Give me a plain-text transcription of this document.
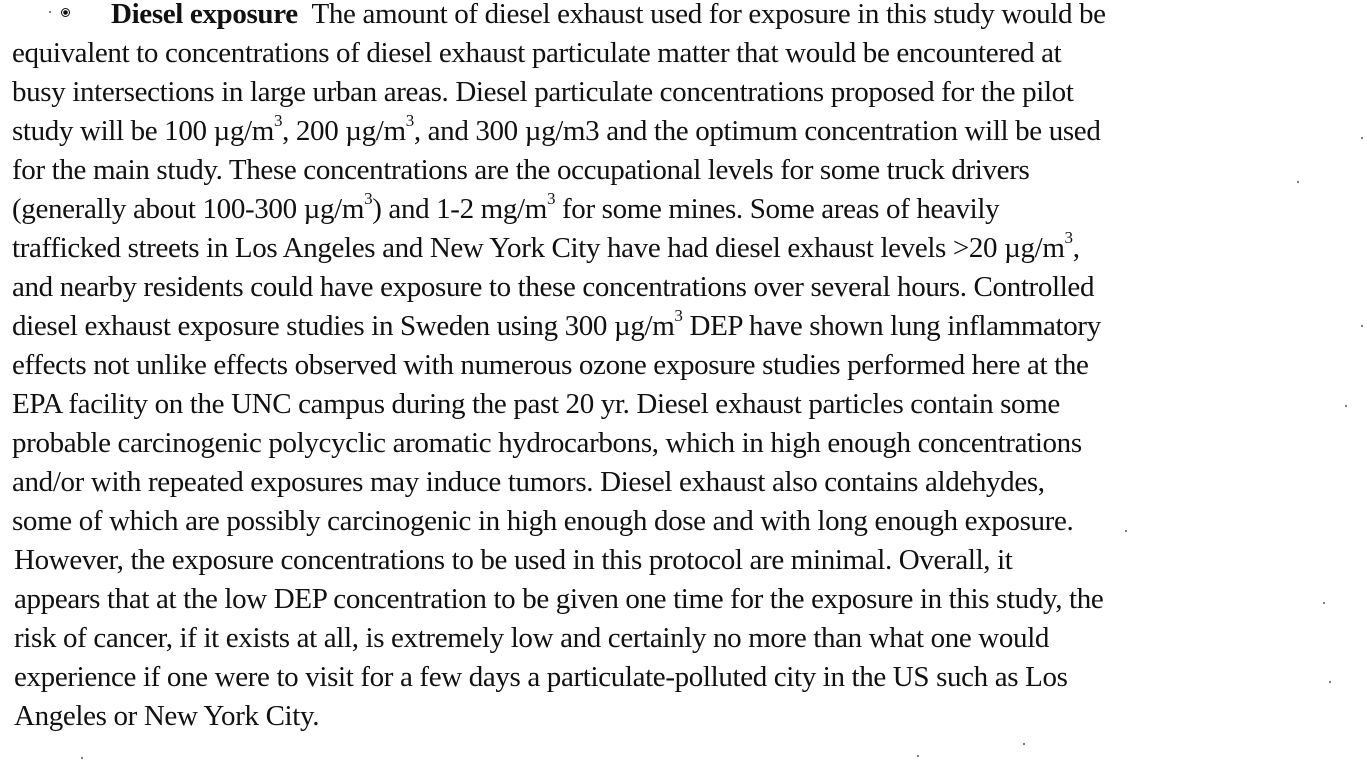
Diesel exposure The amount of diesel exhaust used for exposure in this study would be
equivalent to concentrations of diesel exhaust particulate matter that would be encountered at
busy intersections in large urban areas. Diesel particulate concentrations proposed for the pilot
study will be 100 $\mu g/m^3$, 200 $\mu g/m^3$, and 300 µg/m3 and the optimum concentration will be used
for the main study. These concentrations are the occupational levels for some truck drivers
(generally about 100-300 $\mu g/m^3$) and 1-2 $mg/m^3$ for some mines. Some areas of heavily
trafficked streets in Los Angeles and New York City have had diesel exhaust levels >20 $\mu g/m^3$,
and nearby residents could have exposure to these concentrations over several hours. Controlled
diesel exhaust exposure studies in Sweden using 300 $\mu g/m^3$ DEP have shown lung inflammatory
effects not unlike effects observed with numerous ozone exposure studies performed here at the
EPA facility on the UNC campus during the past 20 yr. Diesel exhaust particles contain some
probable carcinogenic polycyclic aromatic hydrocarbons, which in high enough concentrations
and/or with repeated exposures may induce tumors. Diesel exhaust also contains aldehydes,
some of which are possibly carcinogenic in high enough dose and with long enough exposure.
However, the exposure concentrations to be used in this protocol are minimal. Overall, it
appears that at the low DEP concentration to be given one time for the exposure in this study, the
risk of cancer, if it exists at all, is extremely low and certainly no more than what one would
experience if one were to visit for a few days a particulate-polluted city in the US such as Los
Angeles or New York City.
